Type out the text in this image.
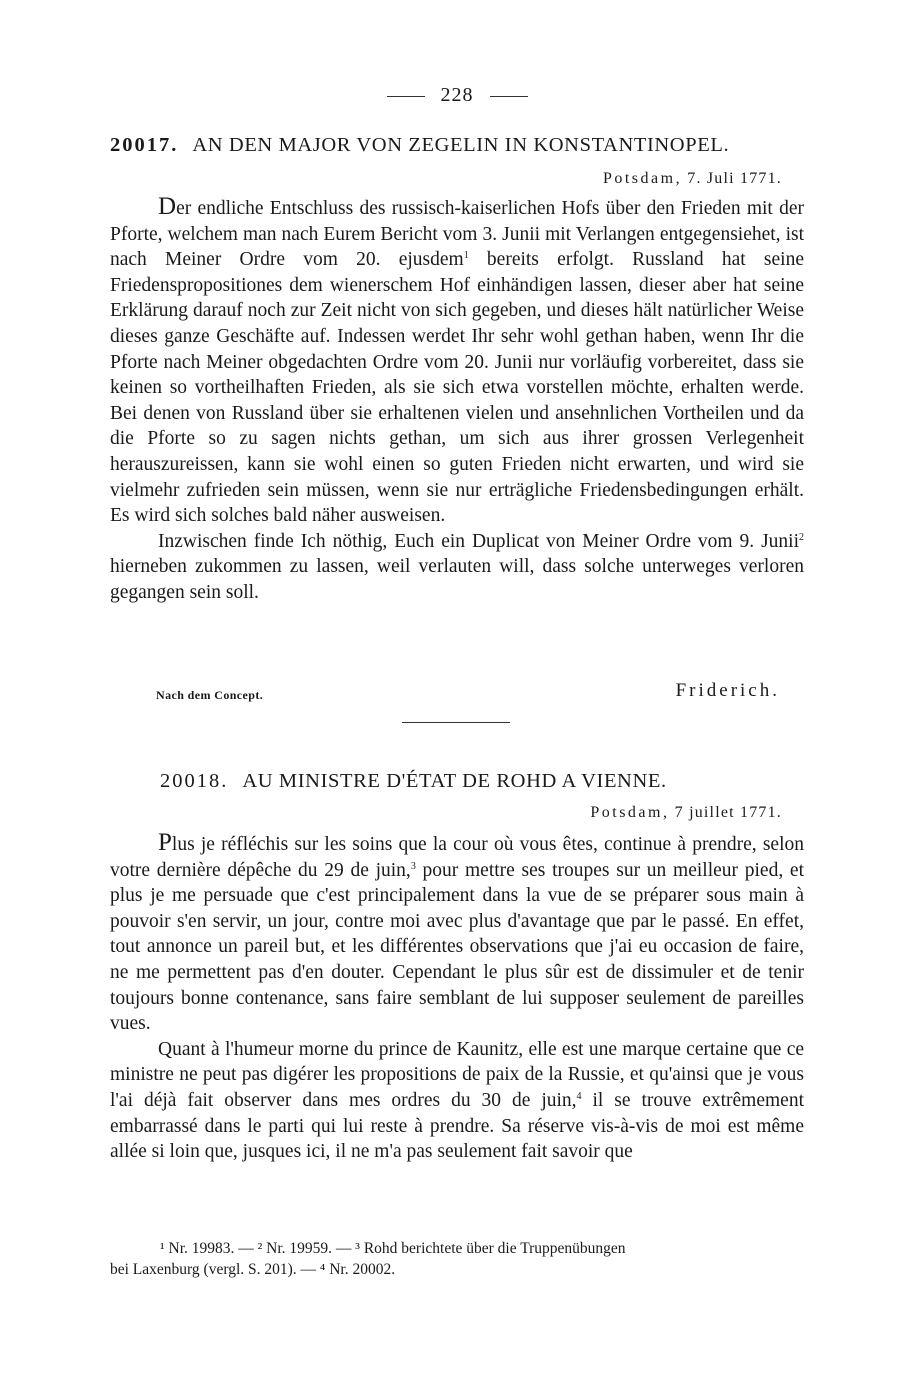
228
20017. AN DEN MAJOR VON ZEGELIN IN KONSTANTINOPEL.
Potsdam, 7. Juli 1771.

Der endliche Entschluss des russisch-kaiserlichen Hofs über den Frieden mit der Pforte, welchem man nach Eurem Bericht vom 3. Junii mit Verlangen entgegensiehet, ist nach Meiner Ordre vom 20. ejusdem$^1$ bereits erfolgt. Russland hat seine Friedenspropositiones dem wienerschem Hof einhändigen lassen, dieser aber hat seine Erklärung darauf noch zur Zeit nicht von sich gegeben, und dieses hält natürlicher Weise dieses ganze Geschäfte auf. Indessen werdet Ihr sehr wohl gethan haben, wenn Ihr die Pforte nach Meiner obgedachten Ordre vom 20. Junii nur vorläufig vorbereitet, dass sie keinen so vortheilhaften Frieden, als sie sich etwa vorstellen möchte, erhalten werde. Bei denen von Russland über sie erhaltenen vielen und ansehnlichen Vortheilen und da die Pforte so zu sagen nichts gethan, um sich aus ihrer grossen Verlegenheit herauszureissen, kann sie wohl einen so guten Frieden nicht erwarten, und wird sie vielmehr zufrieden sein müssen, wenn sie nur erträgliche Friedensbedingungen erhält. Es wird sich solches bald näher ausweisen.

Inzwischen finde Ich nöthig, Euch ein Duplicat von Meiner Ordre vom 9. Junii$^2$ hierneben zukommen zu lassen, weil verlauten will, dass solche unterweges verloren gegangen sein soll.

Nach dem Concept.	Friderich.
20018. AU MINISTRE D'ÉTAT DE ROHD A VIENNE.
Potsdam, 7 juillet 1771.

Plus je réfléchis sur les soins que la cour où vous êtes, continue à prendre, selon votre dernière dépêche du 29 de juin,$^3$ pour mettre ses troupes sur un meilleur pied, et plus je me persuade que c'est principalement dans la vue de se préparer sous main à pouvoir s'en servir, un jour, contre moi avec plus d'avantage que par le passé. En effet, tout annonce un pareil but, et les différentes observations que j'ai eu occasion de faire, ne me permettent pas d'en douter. Cependant le plus sûr est de dissimuler et de tenir toujours bonne contenance, sans faire semblant de lui supposer seulement de pareilles vues.

Quant à l'humeur morne du prince de Kaunitz, elle est une marque certaine que ce ministre ne peut pas digérer les propositions de paix de la Russie, et qu'ainsi que je vous l'ai déjà fait observer dans mes ordres du 30 de juin,$^4$ il se trouve extrêmement embarrassé dans le parti qui lui reste à prendre. Sa réserve vis-à-vis de moi est même allée si loin que, jusques ici, il ne m'a pas seulement fait savoir que

¹ Nr. 19983. — ² Nr. 19959. — ³ Rohd berichtete über die Truppenübungen

bei Laxenburg (vergl. S. 201). — ⁴ Nr. 20002.
